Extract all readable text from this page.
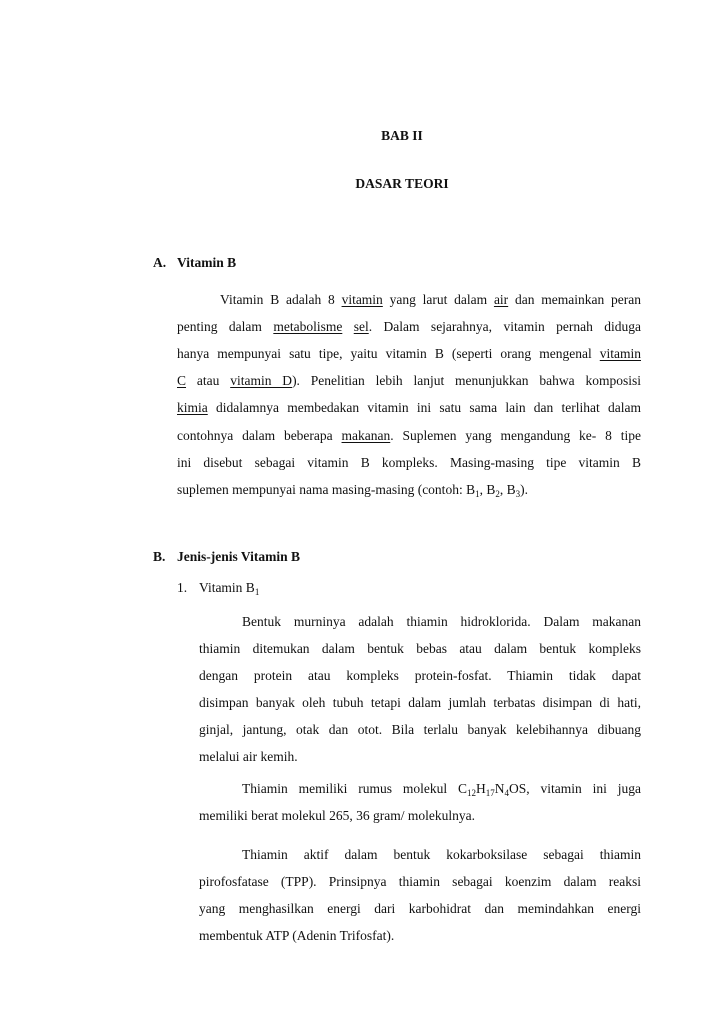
BAB II
DASAR TEORI
A. Vitamin B
Vitamin B adalah 8 vitamin yang larut dalam air dan memainkan peran
penting dalam metabolisme sel. Dalam sejarahnya, vitamin pernah diduga
hanya mempunyai satu tipe, yaitu vitamin B (seperti orang mengenal vitamin
C atau vitamin D). Penelitian lebih lanjut menunjukkan bahwa komposisi
kimia didalamnya membedakan vitamin ini satu sama lain dan terlihat dalam
contohnya dalam beberapa makanan. Suplemen yang mengandung ke- 8 tipe
ini disebut sebagai vitamin B kompleks. Masing-masing tipe vitamin B
suplemen mempunyai nama masing-masing (contoh: $B_1$, $B_2$, $B_3$).
B. Jenis-jenis Vitamin B
1. Vitamin $B_1$
Bentuk murninya adalah thiamin hidroklorida. Dalam makanan
thiamin ditemukan dalam bentuk bebas atau dalam bentuk kompleks
dengan protein atau kompleks protein-fosfat. Thiamin tidak dapat
disimpan banyak oleh tubuh tetapi dalam jumlah terbatas disimpan di hati,
ginjal, jantung, otak dan otot. Bila terlalu banyak kelebihannya dibuang
melalui air kemih.
Thiamin memiliki rumus molekul $C_{12}H_{17}N_4OS$, vitamin ini juga
memiliki berat molekul 265, 36 gram/ molekulnya.
Thiamin aktif dalam bentuk kokarboksilase sebagai thiamin
pirofosfatase (TPP). Prinsipnya thiamin sebagai koenzim dalam reaksi
yang menghasilkan energi dari karbohidrat dan memindahkan energi
membentuk ATP (Adenin Trifosfat).
